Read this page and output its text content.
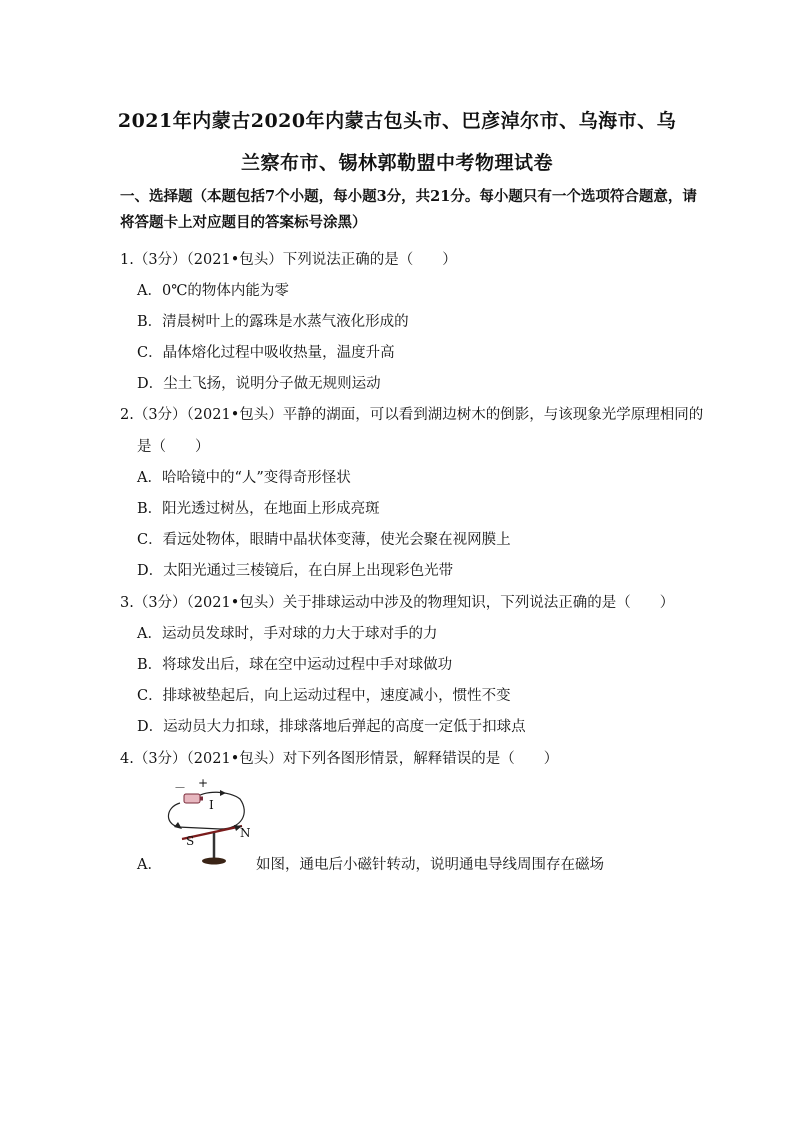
2021年内蒙古2020年内蒙古包头市、巴彦淖尔市、乌海市、乌
兰察布市、锡林郭勒盟中考物理试卷
一、选择题（本题包括7个小题，每小题3分，共21分。每小题只有一个选项符合题意，请将答题卡上对应题目的答案标号涂黑）
1.（3分）（2021•包头）下列说法正确的是（　　）
A．0℃的物体内能为零
B．清晨树叶上的露珠是水蒸气液化形成的
C．晶体熔化过程中吸收热量，温度升高
D．尘土飞扬，说明分子做无规则运动
2.（3分）（2021•包头）平静的湖面，可以看到湖边树木的倒影，与该现象光学原理相同的
是（　　）
A．哈哈镜中的“人”变得奇形怪状
B．阳光透过树丛，在地面上形成亮斑
C．看远处物体，眼睛中晶状体变薄，使光会聚在视网膜上
D．太阳光通过三棱镜后，在白屏上出现彩色光带
3.（3分）（2021•包头）关于排球运动中涉及的物理知识，下列说法正确的是（　　）
A．运动员发球时，手对球的力大于球对手的力
B．将球发出后，球在空中运动过程中手对球做功
C．排球被垫起后，向上运动过程中，速度减小，惯性不变
D．运动员大力扣球，排球落地后弹起的高度一定低于扣球点
4.（3分）（2021•包头）对下列各图形情景，解释错误的是（　　）
A．	如图，通电后小磁针转动，说明通电导线周围存在磁场
－ +
I
S
N
